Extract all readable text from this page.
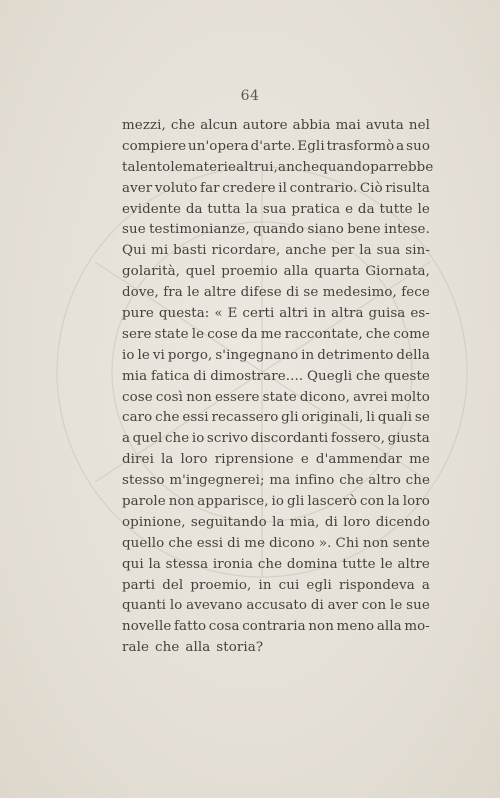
64
mezzi, che alcun autore abbia mai avuta nel
compiere un'opera d'arte. Egli trasformò a suo
talento le materie altrui, anche quando parrebbe
aver voluto far credere il contrario. Ciò risulta
evidente da tutta la sua pratica e da tutte le
sue testimonianze, quando siano bene intese.
Qui mi basti ricordare, anche per la sua sin-
golarità, quel proemio alla quarta Giornata,
dove, fra le altre difese di se medesimo, fece
pure questa: « E certi altri in altra guisa es-
sere state le cose da me raccontate, che come
io le vi porgo, s'ingegnano in detrimento della
mia fatica di dimostrare.... Quegli che queste
cose così non essere state dicono, avrei molto
caro che essi recassero gli originali, li quali se
a quel che io scrivo discordanti fossero, giusta
direi la loro riprensione e d'ammendar me
stesso m'ingegnerei; ma infino che altro che
parole non apparisce, io gli lascerò con la loro
opinione, seguitando la mia, di loro dicendo
quello che essi di me dicono ». Chi non sente
qui la stessa ironia che domina tutte le altre
parti del proemio, in cui egli rispondeva a
quanti lo avevano accusato di aver con le sue
novelle fatto cosa contraria non meno alla mo-
rale che alla storia?
